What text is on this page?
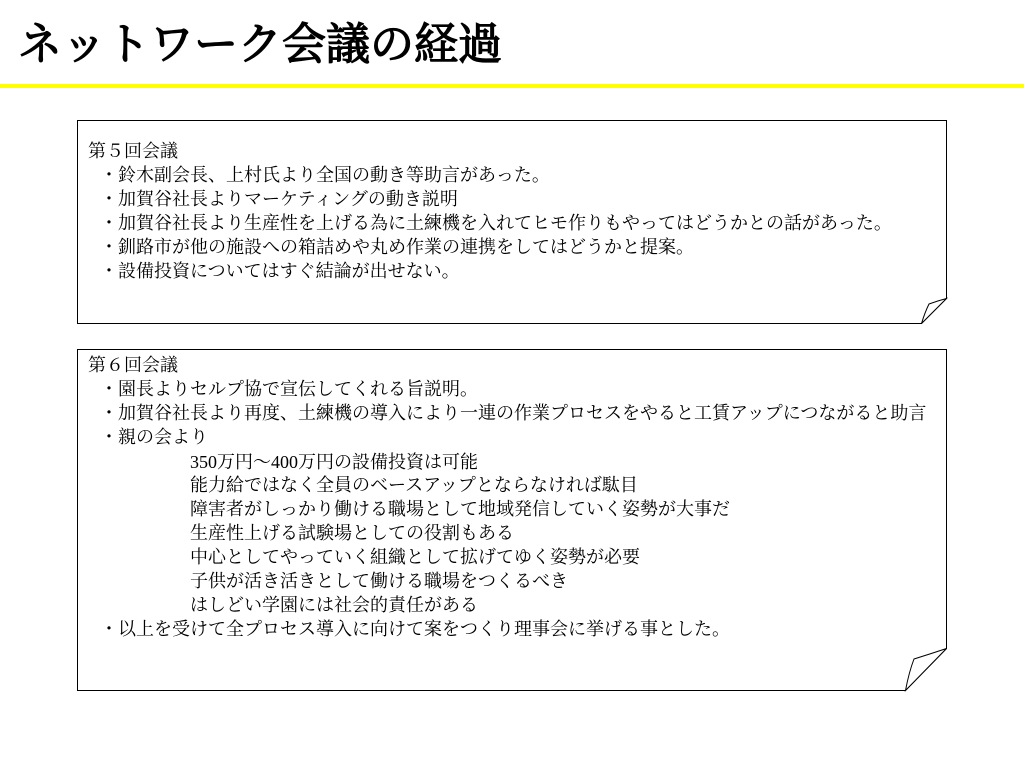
ネットワーク会議の経過
第５回会議
・鈴木副会長、上村氏より全国の動き等助言があった。
・加賀谷社長よりマーケティングの動き説明
・加賀谷社長より生産性を上げる為に土練機を入れてヒモ作りもやってはどうかとの話があった。
・釧路市が他の施設への箱詰めや丸め作業の連携をしてはどうかと提案。
・設備投資についてはすぐ結論が出せない。
第６回会議
・園長よりセルプ協で宣伝してくれる旨説明。
・加賀谷社長より再度、土練機の導入により一連の作業プロセスをやると工賃アップにつながると助言
・親の会より
350万円～400万円の設備投資は可能
能力給ではなく全員のベースアップとならなければ駄目
障害者がしっかり働ける職場として地域発信していく姿勢が大事だ
生産性上げる試験場としての役割もある
中心としてやっていく組織として拡げてゆく姿勢が必要
子供が活き活きとして働ける職場をつくるべき
はしどい学園には社会的責任がある
・以上を受けて全プロセス導入に向けて案をつくり理事会に挙げる事とした。
